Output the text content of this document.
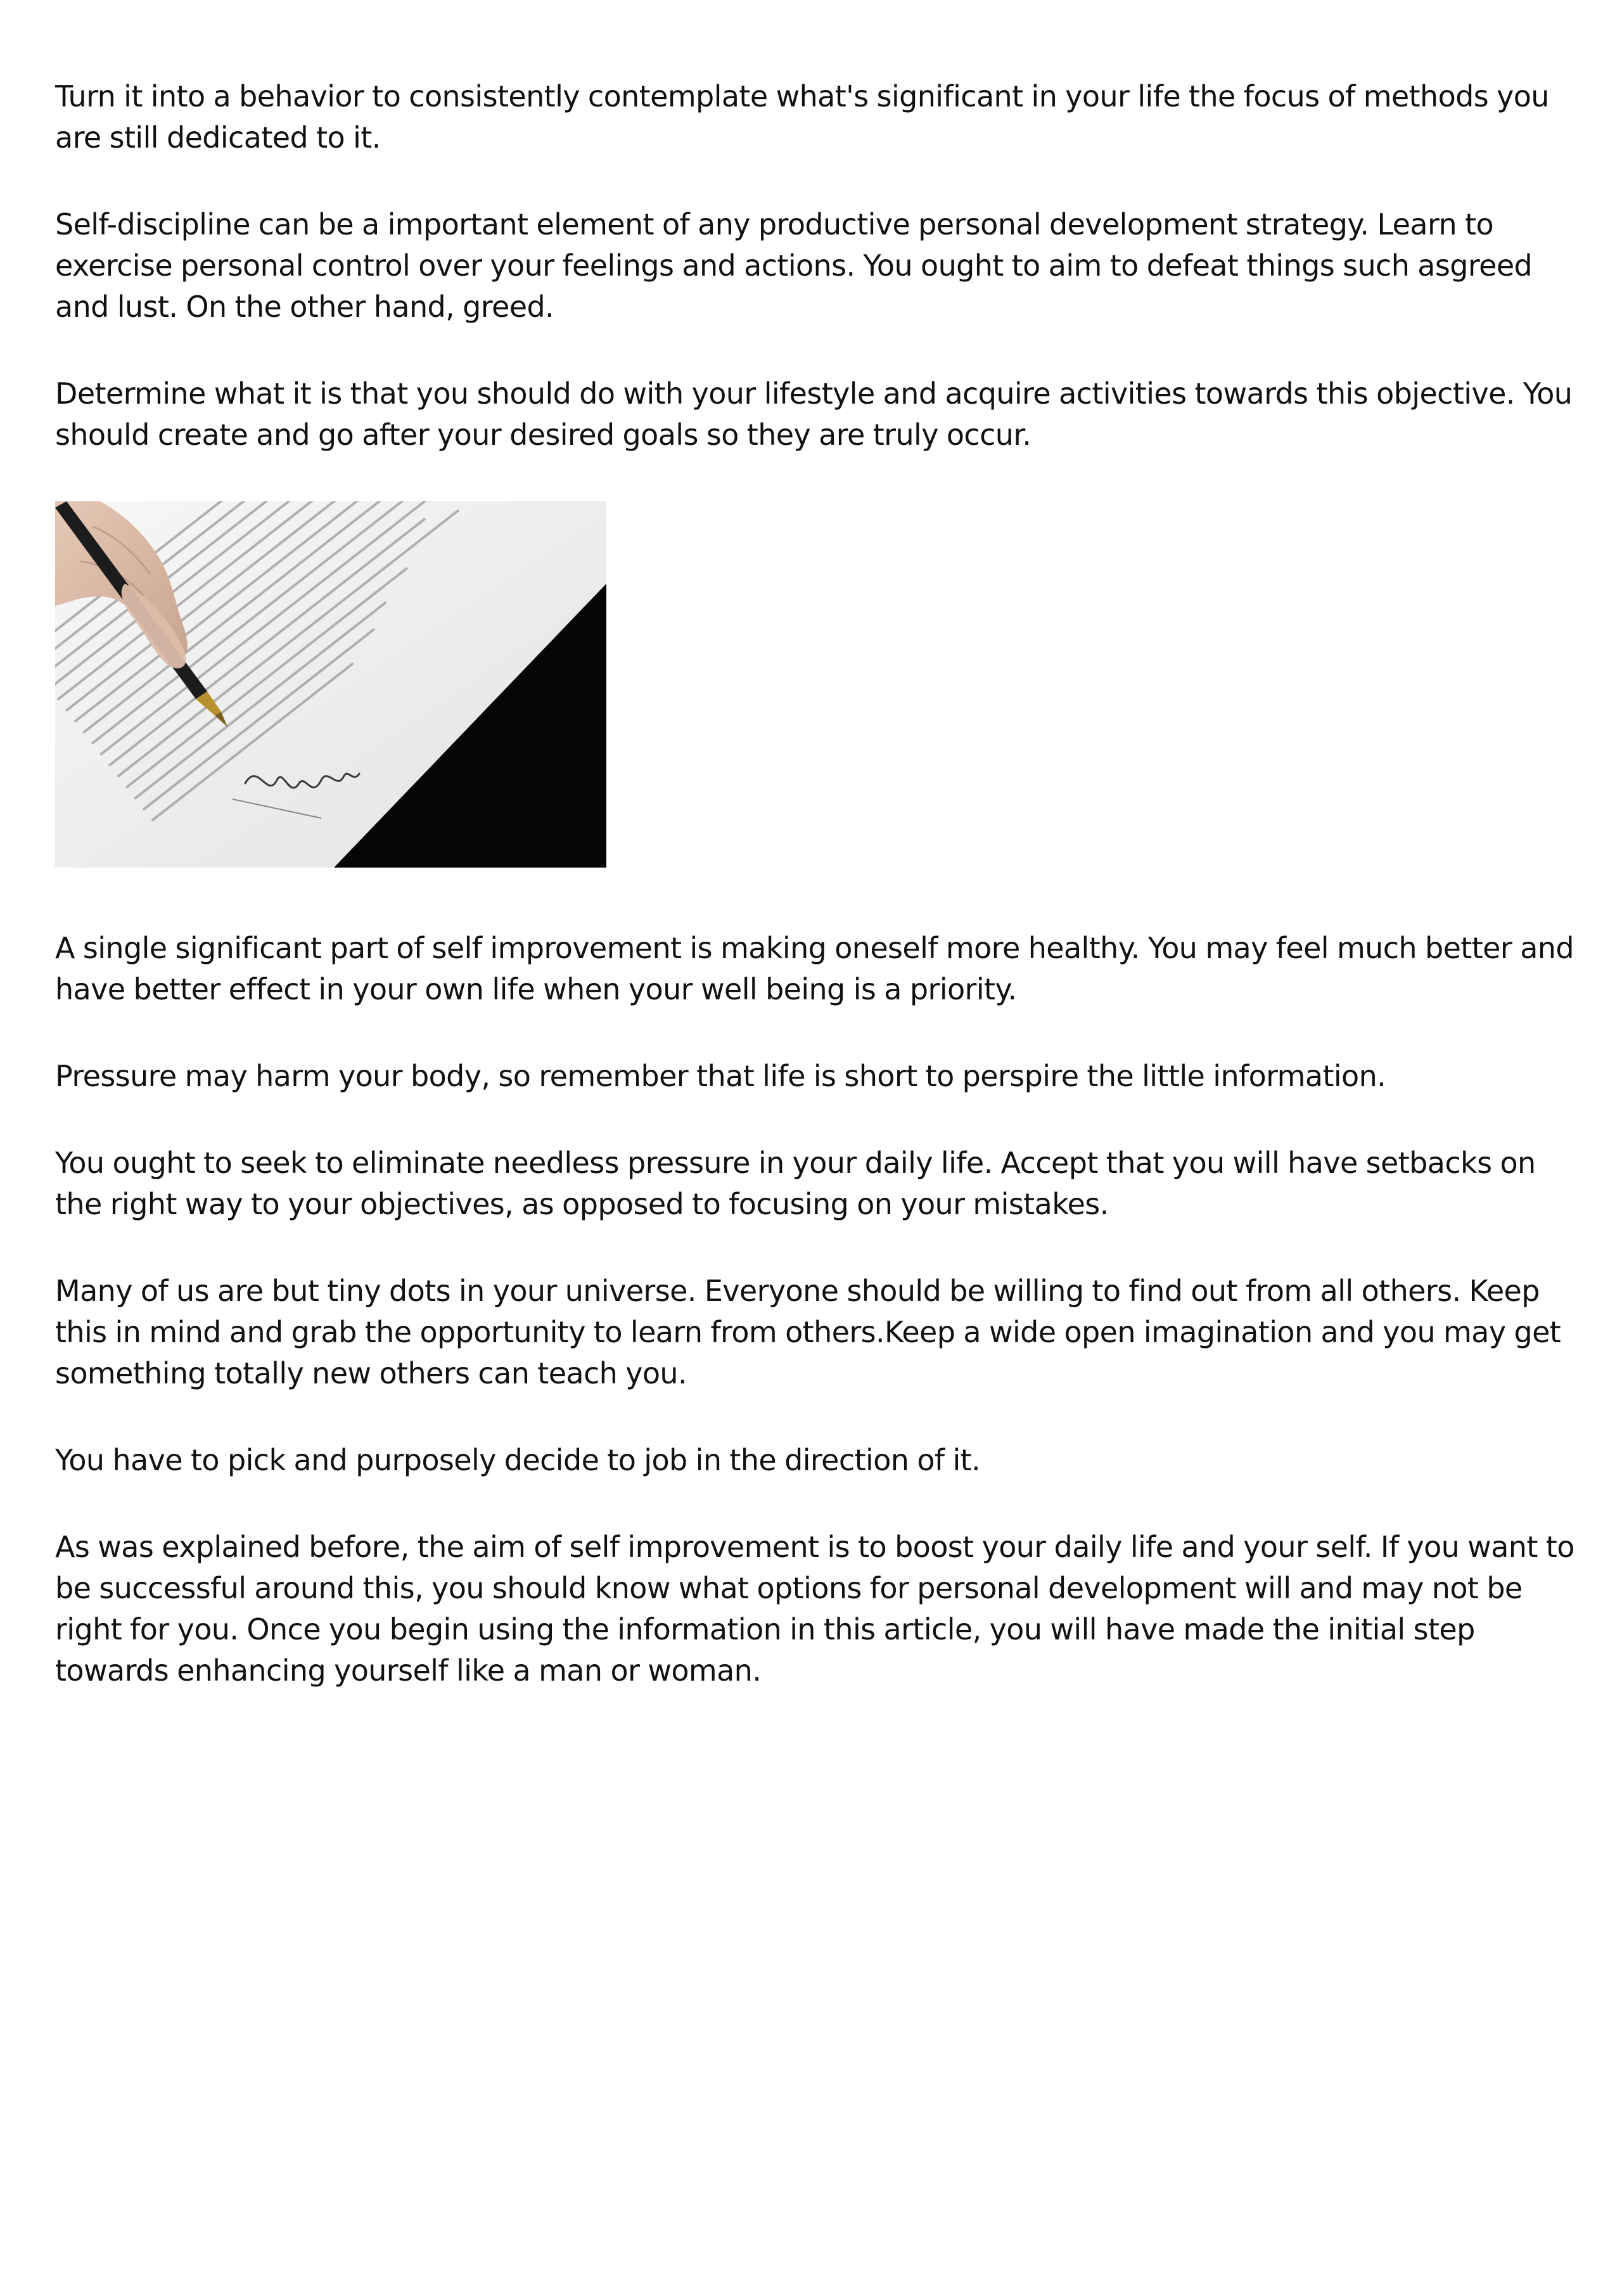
Turn it into a behavior to consistently contemplate what's significant in your life the focus of methods you are still dedicated to it.

Self-discipline can be a important element of any productive personal development strategy. Learn to exercise personal control over your feelings and actions. You ought to aim to defeat things such asgreed and lust. On the other hand, greed.

Determine what it is that you should do with your lifestyle and acquire activities towards this objective. You should create and go after your desired goals so they are truly occur.

A single significant part of self improvement is making oneself more healthy. You may feel much better and have better effect in your own life when your well being is a priority.

Pressure may harm your body, so remember that life is short to perspire the little information.

You ought to seek to eliminate needless pressure in your daily life. Accept that you will have setbacks on the right way to your objectives, as opposed to focusing on your mistakes.

Many of us are but tiny dots in your universe. Everyone should be willing to find out from all others. Keep this in mind and grab the opportunity to learn from others.Keep a wide open imagination and you may get something totally new others can teach you.

You have to pick and purposely decide to job in the direction of it.

As was explained before, the aim of self improvement is to boost your daily life and your self. If you want to be successful around this, you should know what options for personal development will and may not be right for you. Once you begin using the information in this article, you will have made the initial step towards enhancing yourself like a man or woman.
